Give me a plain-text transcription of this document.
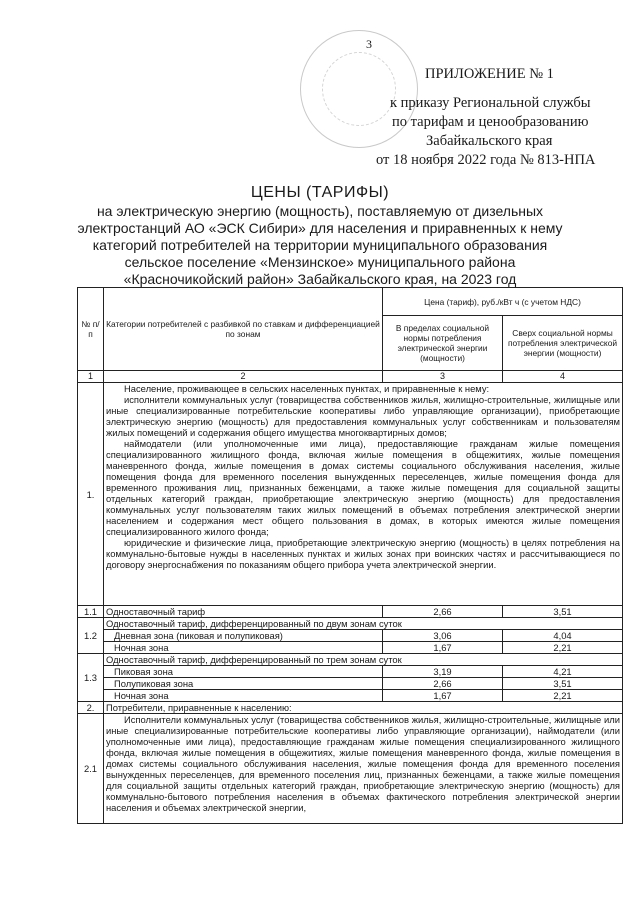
3
ПРИЛОЖЕНИЕ № 1
к приказу Региональной службы
по тарифам и ценообразованию
Забайкальского края
от 18 ноября 2022 года № 813-НПА
ЦЕНЫ (ТАРИФЫ)
на электрическую энергию (мощность), поставляемую от дизельных
электростанций АО «ЭСК Сибири» для населения и приравненных к нему
категорий потребителей на территории муниципального образования
сельское поселение «Мензинское» муниципального района
«Красночикойский район» Забайкальского края, на 2023 год
№ п/п	Категории потребителей с разбивкой по ставкам и дифференциацией по зонам	Цена (тариф), руб./кВт ч (с учетом НДС)	
		В пределах социальной нормы потребления электрической энергии (мощности)	Сверх социальной нормы потребления электрической энергии (мощности)
1	2	3	4
1.	Население, проживающее в сельских населенных пунктах, и приравненные к нему:
исполнители коммунальных услуг (товарищества собственников жилья, жилищно-строительные, жилищные или иные специализированные потребительские кооперативы либо управляющие организации), приобретающие электрическую энергию (мощность) для предоставления коммунальных услуг собственникам и пользователям жилых помещений и содержания общего имущества многоквартирных домов;
наймодатели (или уполномоченные ими лица), предоставляющие гражданам жилые помещения специализированного жилищного фонда, включая жилые помещения в общежитиях, жилые помещения маневренного фонда, жилые помещения в домах системы социального обслуживания населения, жилые помещения фонда для временного поселения вынужденных переселенцев, жилые помещения фонда для временного проживания лиц, признанных беженцами, а также жилые помещения для социальной защиты отдельных категорий граждан, приобретающие электрическую энергию (мощность) для предоставления коммунальных услуг пользователям таких жилых помещений в объемах потребления электрической энергии населением и содержания мест общего пользования в домах, в которых имеются жилые помещения специализированного жилого фонда;
юридические и физические лица, приобретающие электрическую энергию (мощность) в целях потребления на коммунально-бытовые нужды в населенных пунктах и жилых зонах при воинских частях и рассчитывающиеся по договору энергоснабжения по показаниям общего прибора учета электрической энергии.		

1.1	Одноставочный тариф	2,66	3,51
1.2	Одноставочный тариф, дифференцированный по двум зонам суток		
	Дневная зона (пиковая и полупиковая)	3,06	4,04
	Ночная зона	1,67	2,21
1.3	Одноставочный тариф, дифференцированный по трем зонам суток		
	Пиковая зона	3,19	4,21
	Полупиковая зона	2,66	3,51
	Ночная зона	1,67	2,21
2.	Потребители, приравненные к населению:		
2.1	Исполнители коммунальных услуг (товарищества собственников жилья, жилищно-строительные, жилищные или иные специализированные потребительские кооперативы либо управляющие организации), наймодатели (или уполномоченные ими лица), предоставляющие гражданам жилые помещения специализированного жилищного фонда, включая жилые помещения в общежитиях, жилые помещения маневренного фонда, жилые помещения в домах системы социального обслуживания населения, жилые помещения фонда для временного поселения вынужденных переселенцев, для временного поселения лиц, признанных беженцами, а также жилые помещения для социальной защиты отдельных категорий граждан, приобретающие электрическую энергию (мощность) для коммунально-бытового потребления населения в объемах фактического потребления электрической энергии населения и объемах электрической энергии,		
